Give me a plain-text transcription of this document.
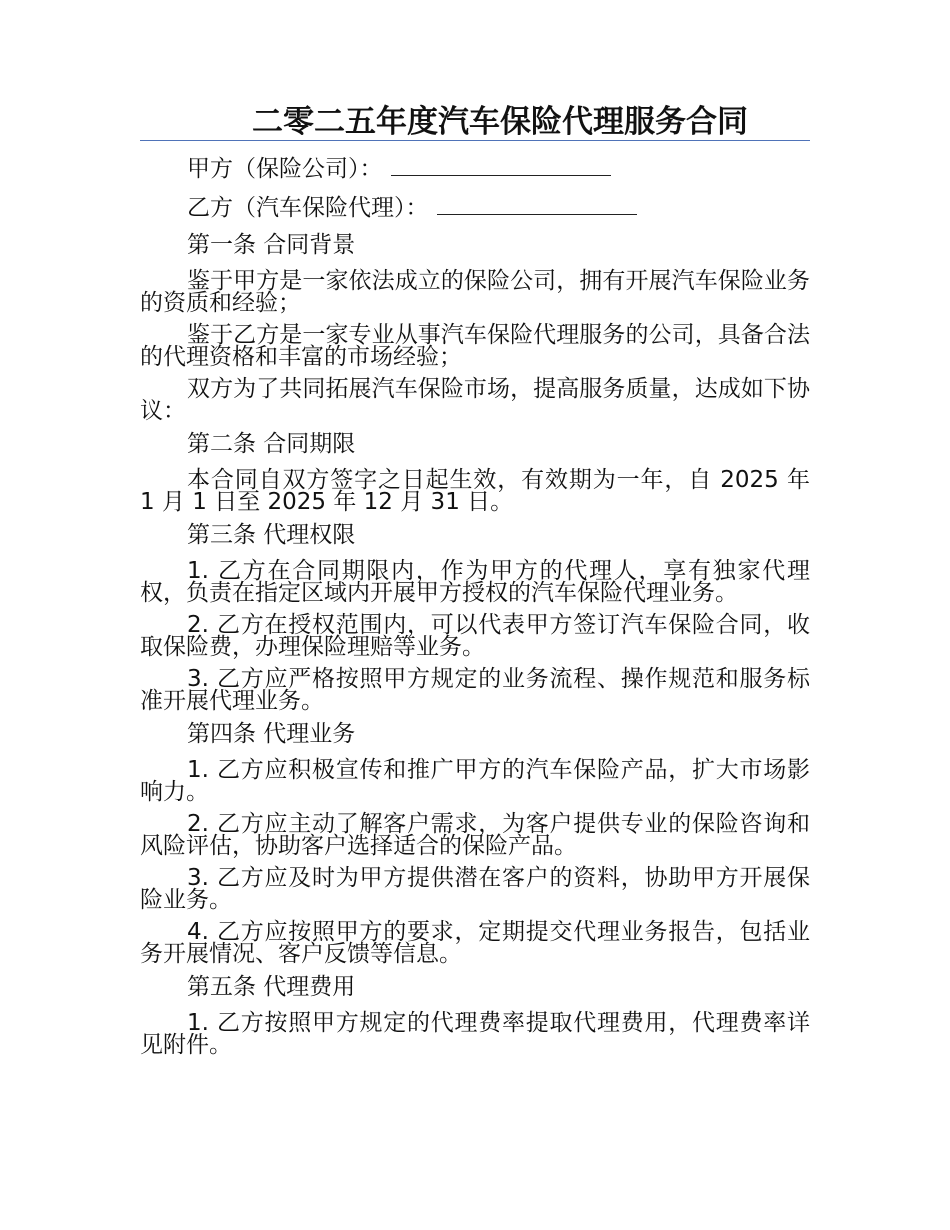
二零二五年度汽车保险代理服务合同

甲方（保险公司）：

乙方（汽车保险代理）：

第一条 合同背景

鉴于甲方是一家依法成立的保险公司，拥有开展汽车保险业务的资质和经验；

鉴于乙方是一家专业从事汽车保险代理服务的公司，具备合法的代理资格和丰富的市场经验；

双方为了共同拓展汽车保险市场，提高服务质量，达成如下协议：

第二条 合同期限

本合同自双方签字之日起生效，有效期为一年，自 2025 年 1 月 1 日至 2025 年 12 月 31 日。

第三条 代理权限

1. 乙方在合同期限内，作为甲方的代理人，享有独家代理权，负责在指定区域内开展甲方授权的汽车保险代理业务。

2. 乙方在授权范围内，可以代表甲方签订汽车保险合同，收取保险费，办理保险理赔等业务。

3. 乙方应严格按照甲方规定的业务流程、操作规范和服务标准开展代理业务。

第四条 代理业务

1. 乙方应积极宣传和推广甲方的汽车保险产品，扩大市场影响力。

2. 乙方应主动了解客户需求，为客户提供专业的保险咨询和风险评估，协助客户选择适合的保险产品。

3. 乙方应及时为甲方提供潜在客户的资料，协助甲方开展保险业务。

4. 乙方应按照甲方的要求，定期提交代理业务报告，包括业务开展情况、客户反馈等信息。

第五条 代理费用

1. 乙方按照甲方规定的代理费率提取代理费用，代理费率详见附件。
